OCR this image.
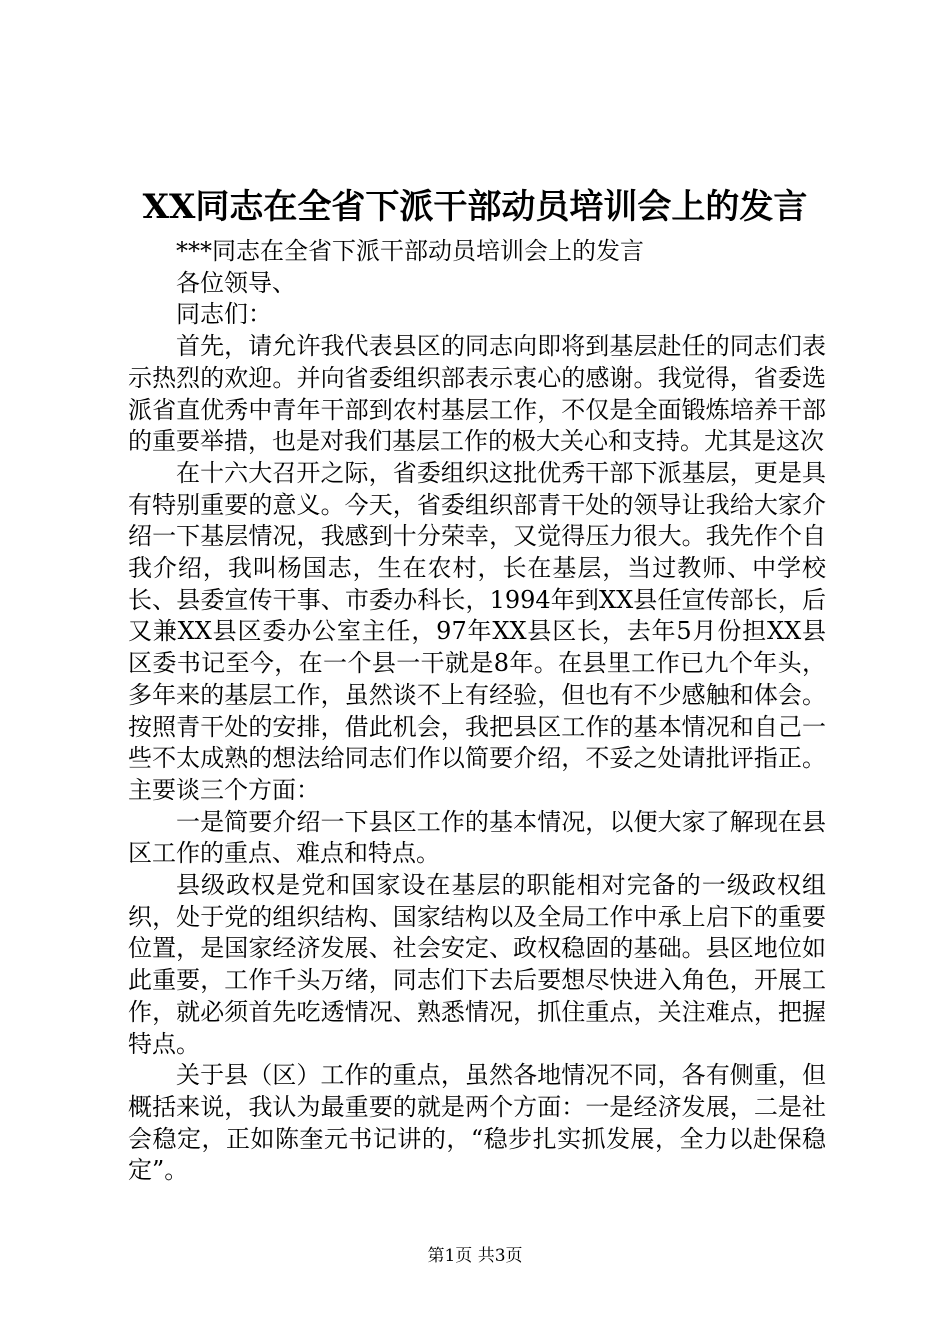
XX同志在全省下派干部动员培训会上的发言

***同志在全省下派干部动员培训会上的发言

各位领导、

同志们：

首先，请允许我代表县区的同志向即将到基层赴任的同志们表示热烈的欢迎。并向省委组织部表示衷心的感谢。我觉得，省委选派省直优秀中青年干部到农村基层工作，不仅是全面锻炼培养干部的重要举措，也是对我们基层工作的极大关心和支持。尤其是这次

在十六大召开之际，省委组织这批优秀干部下派基层，更是具有特别重要的意义。今天，省委组织部青干处的领导让我给大家介绍一下基层情况，我感到十分荣幸，又觉得压力很大。我先作个自我介绍，我叫杨国志，生在农村，长在基层，当过教师、中学校长、县委宣传干事、市委办科长，1994年到XX县任宣传部长，后又兼XX县区委办公室主任，97年XX县区长，去年5月份担XX县区委书记至今，在一个县一干就是8年。在县里工作已九个年头，多年来的基层工作，虽然谈不上有经验，但也有不少感触和体会。按照青干处的安排，借此机会，我把县区工作的基本情况和自己一些不太成熟的想法给同志们作以简要介绍，不妥之处请批评指正。主要谈三个方面：

一是简要介绍一下县区工作的基本情况，以便大家了解现在县区工作的重点、难点和特点。

县级政权是党和国家设在基层的职能相对完备的一级政权组织，处于党的组织结构、国家结构以及全局工作中承上启下的重要位置，是国家经济发展、社会安定、政权稳固的基础。县区地位如此重要，工作千头万绪，同志们下去后要想尽快进入角色，开展工作，就必须首先吃透情况、熟悉情况，抓住重点，关注难点，把握特点。

关于县（区）工作的重点，虽然各地情况不同，各有侧重，但概括来说，我认为最重要的就是两个方面：一是经济发展，二是社会稳定，正如陈奎元书记讲的，“稳步扎实抓发展，全力以赴保稳定”。

第1页 共3页
